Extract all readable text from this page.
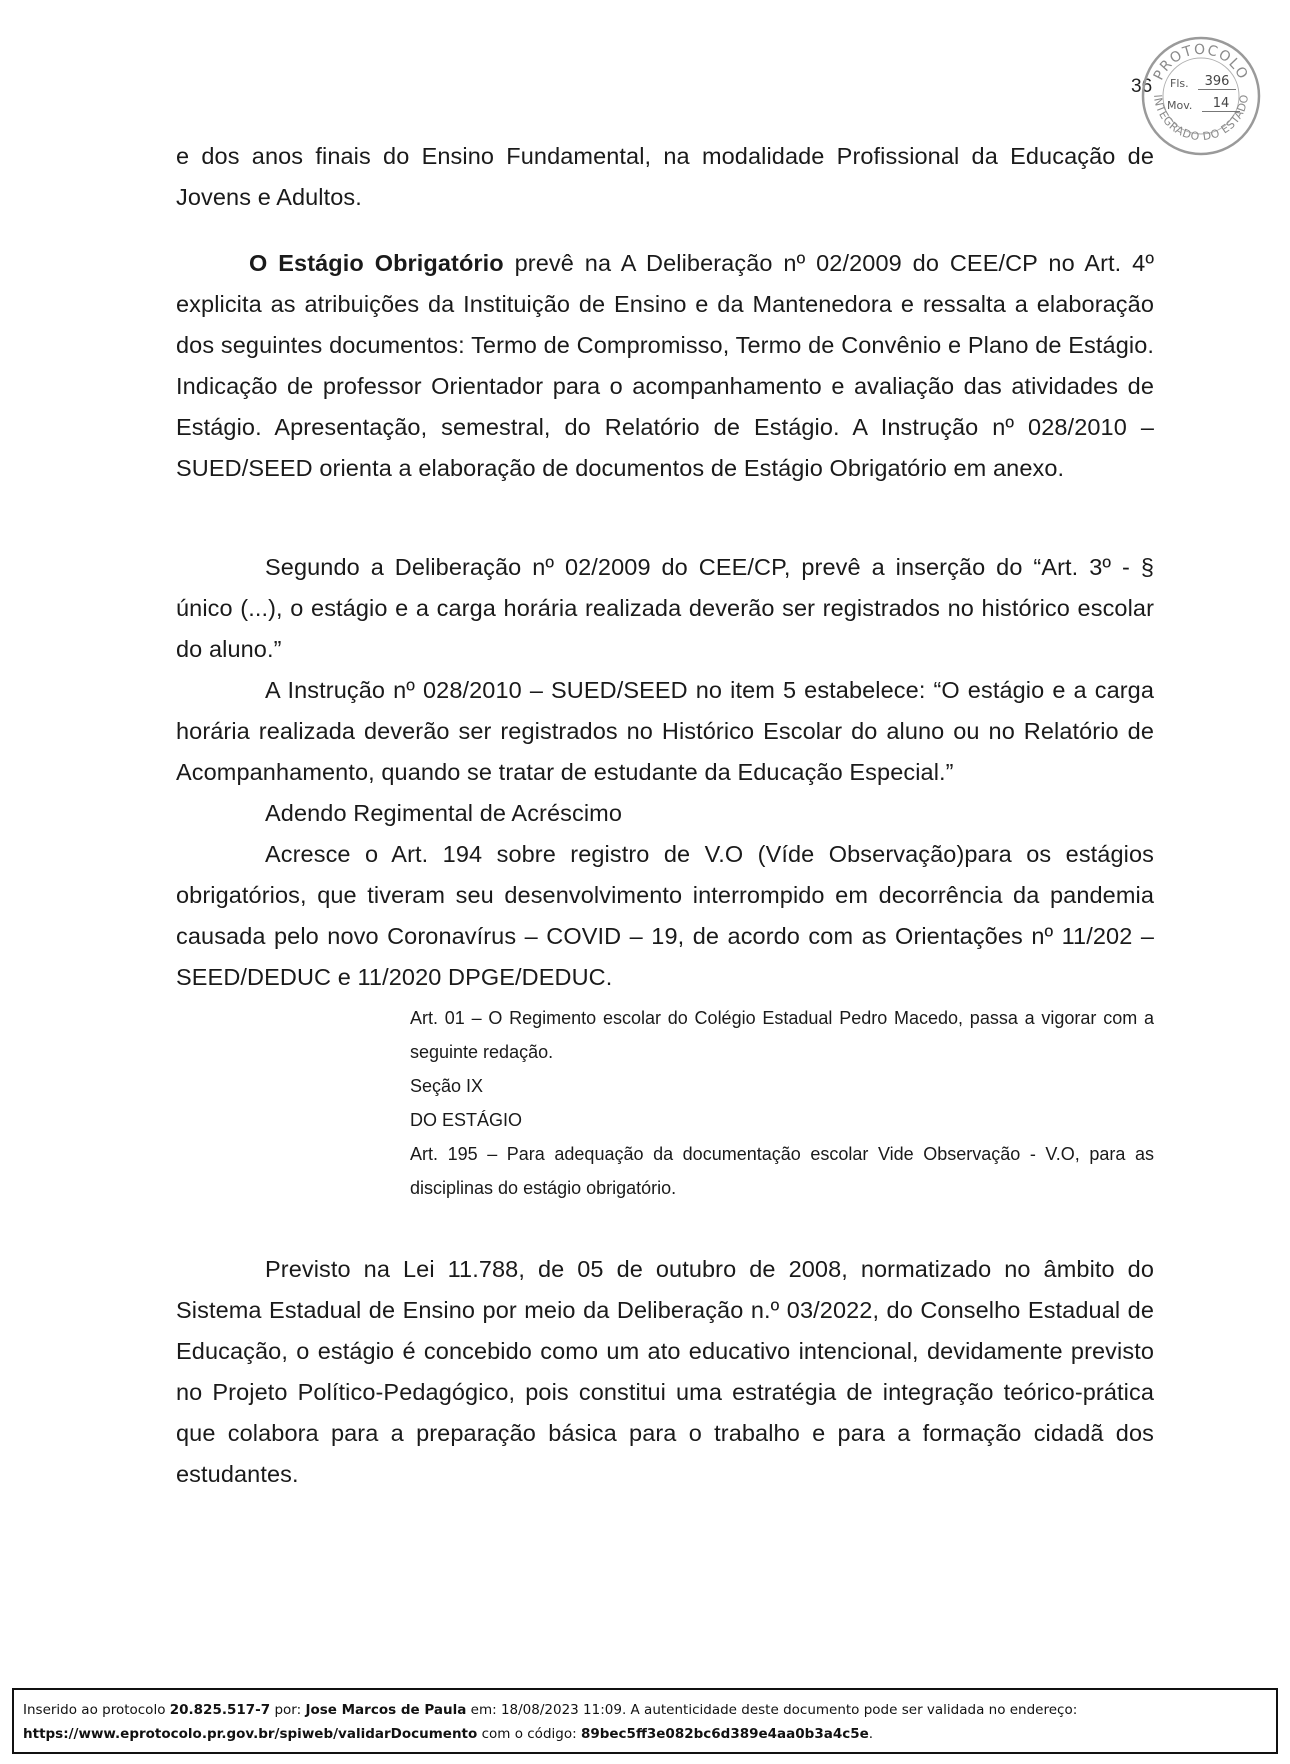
36
PROTOCOLO
INTEGRADO DO ESTADO
Fls.	396
Mov.	14

e dos anos finais do Ensino Fundamental, na modalidade Profissional da Educação de Jovens e Adultos.

O Estágio Obrigatório prevê na A Deliberação nº 02/2009 do CEE/CP no Art. 4º explicita as atribuições da Instituição de Ensino e da Mantenedora e ressalta a elaboração dos seguintes documentos: Termo de Compromisso, Termo de Convênio e Plano de Estágio. Indicação de professor Orientador para o acompanhamento e avaliação das atividades de Estágio. Apresentação, semestral, do Relatório de Estágio. A Instrução nº 028/2010 – SUED/SEED orienta a elaboração de documentos de Estágio Obrigatório em anexo.

Segundo a Deliberação nº 02/2009 do CEE/CP, prevê a inserção do “Art. 3º - § único (...), o estágio e a carga horária realizada deverão ser registrados no histórico escolar do aluno.”

A Instrução nº 028/2010 – SUED/SEED no item 5 estabelece: “O estágio e a carga horária realizada deverão ser registrados no Histórico Escolar do aluno ou no Relatório de Acompanhamento, quando se tratar de estudante da Educação Especial.”

Adendo Regimental de Acréscimo

Acresce o Art. 194 sobre registro de V.O (Víde Observação)para os estágios obrigatórios, que tiveram seu desenvolvimento interrompido em decorrência da pandemia causada pelo novo Coronavírus – COVID – 19, de acordo com as Orientações nº 11/202 – SEED/DEDUC e 11/2020 DPGE/DEDUC.

Art. 01 – O Regimento escolar do Colégio Estadual Pedro Macedo, passa a vigorar com a seguinte redação.

Seção IX

DO ESTÁGIO

Art. 195 – Para adequação da documentação escolar Vide Observação - V.O, para as disciplinas do estágio obrigatório.

Previsto na Lei 11.788, de 05 de outubro de 2008, normatizado no âmbito do Sistema Estadual de Ensino por meio da Deliberação n.º 03/2022, do Conselho Estadual de Educação, o estágio é concebido como um ato educativo intencional, devidamente previsto no Projeto Político-Pedagógico, pois constitui uma estratégia de integração teórico-prática que colabora para a preparação básica para o trabalho e para a formação cidadã dos estudantes.

Inserido ao protocolo 20.825.517-7 por: Jose Marcos de Paula em: 18/08/2023 11:09. A autenticidade deste documento pode ser validada no endereço:
https://www.eprotocolo.pr.gov.br/spiweb/validarDocumento com o código: 89bec5ff3e082bc6d389e4aa0b3a4c5e.
